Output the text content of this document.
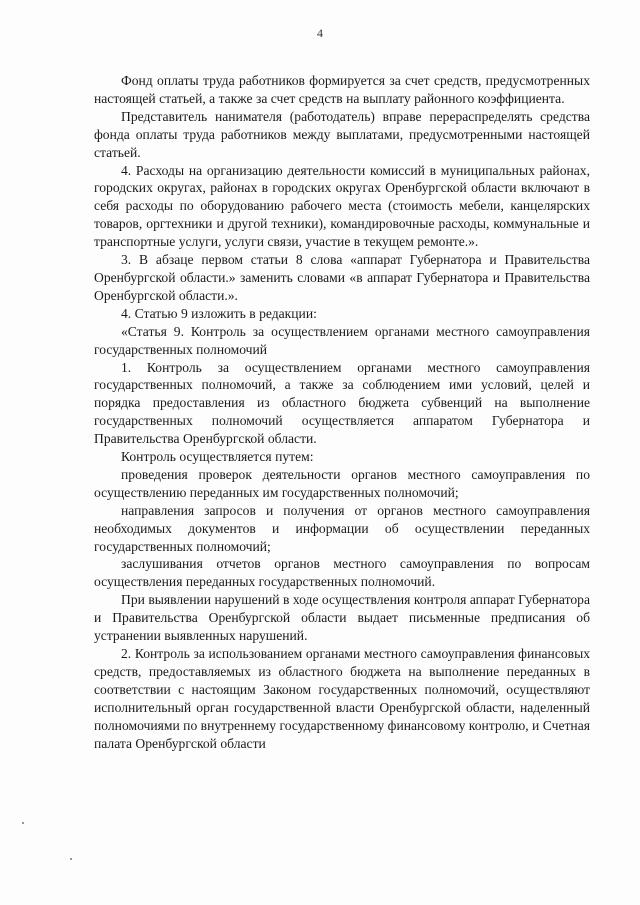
4

Фонд оплаты труда работников формируется за счет средств, предусмотренных настоящей статьей, а также за счет средств на выплату районного коэффициента.

Представитель нанимателя (работодатель) вправе перераспределять средства фонда оплаты труда работников между выплатами, предусмотренными настоящей статьей.

4. Расходы на организацию деятельности комиссий в муниципальных районах, городских округах, районах в городских округах Оренбургской области включают в себя расходы по оборудованию рабочего места (стоимость мебели, канцелярских товаров, оргтехники и другой техники), командировочные расходы, коммунальные и транспортные услуги, услуги связи, участие в текущем ремонте.».

3. В абзаце первом статьи 8 слова «аппарат Губернатора и Правительства Оренбургской области.» заменить словами «в аппарат Губернатора и Правительства Оренбургской области.».

4. Статью 9 изложить в редакции:

«Статья 9. Контроль за осуществлением органами местного самоуправления государственных полномочий

1. Контроль за осуществлением органами местного самоуправления государственных полномочий, а также за соблюдением ими условий, целей и порядка предоставления из областного бюджета субвенций на выполнение государственных полномочий осуществляется аппаратом Губернатора и Правительства Оренбургской области.

Контроль осуществляется путем:

проведения проверок деятельности органов местного самоуправления по осуществлению переданных им государственных полномочий;

направления запросов и получения от органов местного самоуправления необходимых документов и информации об осуществлении переданных государственных полномочий;

заслушивания отчетов органов местного самоуправления по вопросам осуществления переданных государственных полномочий.

При выявлении нарушений в ходе осуществления контроля аппарат Губернатора и Правительства Оренбургской области выдает письменные предписания об устранении выявленных нарушений.

2. Контроль за использованием органами местного самоуправления финансовых средств, предоставляемых из областного бюджета на выполнение переданных в соответствии с настоящим Законом государственных полномочий, осуществляют исполнительный орган государственной власти Оренбургской области, наделенный полномочиями по внутреннему государственному финансовому контролю, и Счетная палата Оренбургской области
